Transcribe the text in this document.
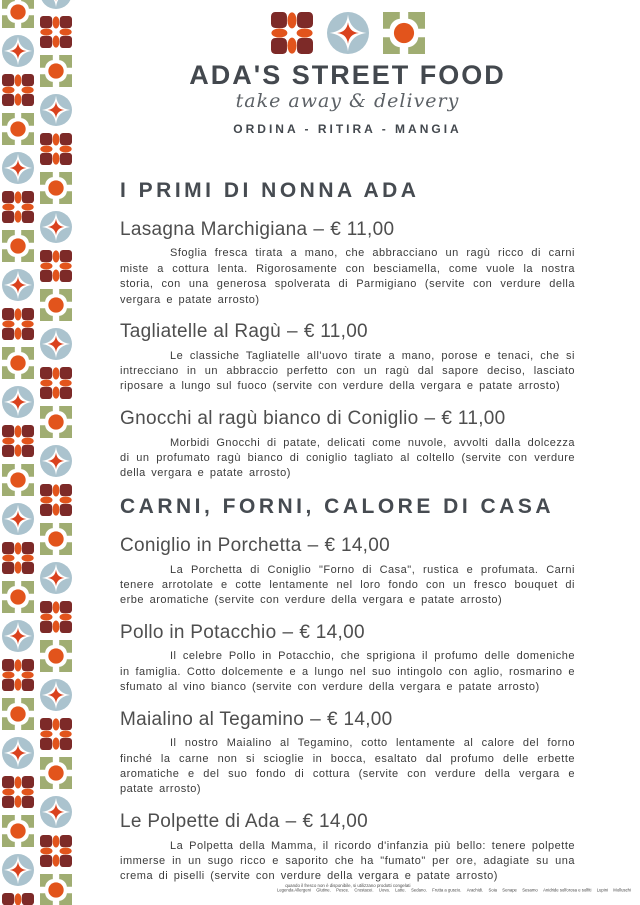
ADA'S STREET FOOD
take away & delivery
ORDINA - RITIRA - MANGIA
I PRIMI DI NONNA ADA
Lasagna Marchigiana – € 11,00

Sfoglia fresca tirata a mano, che abbracciano un ragù ricco di carni miste a cottura lenta. Rigorosamente con besciamella, come vuole la nostra storia, con una generosa spolverata di Parmigiano (servite con verdure della vergara e patate arrosto)

Tagliatelle al Ragù – € 11,00

Le classiche Tagliatelle all'uovo tirate a mano, porose e tenaci, che si intrecciano in un abbraccio perfetto con un ragù dal sapore deciso, lasciato riposare a lungo sul fuoco (servite con verdure della vergara e patate arrosto)

Gnocchi al ragù bianco di Coniglio – € 11,00

Morbidi Gnocchi di patate, delicati come nuvole, avvolti dalla dolcezza di un profumato ragù bianco di coniglio tagliato al coltello (servite con verdure della vergara e patate arrosto)

CARNI, FORNI, CALORE DI CASA
Coniglio in Porchetta – € 14,00

La Porchetta di Coniglio "Forno di Casa", rustica e profumata. Carni tenere arrotolate e cotte lentamente nel loro fondo con un fresco bouquet di erbe aromatiche (servite con verdure della vergara e patate arrosto)

Pollo in Potacchio – € 14,00

Il celebre Pollo in Potacchio, che sprigiona il profumo delle domeniche in famiglia. Cotto dolcemente e a lungo nel suo intingolo con aglio, rosmarino e sfumato al vino bianco (servite con verdure della vergara e patate arrosto)

Maialino al Tegamino – € 14,00

Il nostro Maialino al Tegamino, cotto lentamente al calore del forno finché la carne non si scioglie in bocca, esaltato dal profumo delle erbette aromatiche e del suo fondo di cottura (servite con verdure della vergara e patate arrosto)

Le Polpette di Ada – € 14,00

La Polpetta della Mamma, il ricordo d'infanzia più bello: tenere polpette immerse in un sugo ricco e saporito che ha "fumato" per ore, adagiate su una crema di piselli (servite con verdure della vergara e patate arrosto)

quando il fresco non è disponibile, si utilizzano prodotti congelati
Legenda Allergeni Glutine. Pesce. Crostacei. Uova. Latte. Sedano. Frutta a guscio. Arachidi. Soia Senape Sesamo Anidride solforosa e solfiti Lupini Molluschi
